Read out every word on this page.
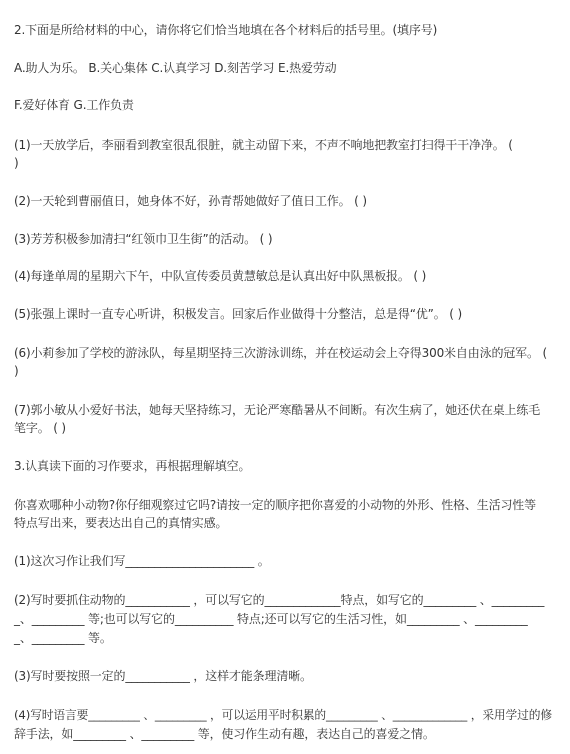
2.下面是所给材料的中心，请你将它们恰当地填在各个材料后的括号里。(填序号)
A.助人为乐。 B.关心集体 C.认真学习 D.刻苦学习 E.热爱劳动
F.爱好体育 G.工作负责
(1)一天放学后，李丽看到教室很乱很脏，就主动留下来，不声不响地把教室打扫得干干净净。 (
)
(2)一天轮到曹丽值日，她身体不好，孙青帮她做好了值日工作。 ( )
(3)芳芳积极参加清扫“红领巾卫生街”的活动。 ( )
(4)每逢单周的星期六下午，中队宣传委员黄慧敏总是认真出好中队黑板报。 ( )
(5)张强上课时一直专心听讲，积极发言。回家后作业做得十分整洁，总是得“优”。 ( )
(6)小莉参加了学校的游泳队，每星期坚持三次游泳训练，并在校运动会上夺得300米自由泳的冠军。 (
)
(7)郭小敏从小爱好书法，她每天坚持练习，无论严寒酷暑从不间断。有次生病了，她还伏在桌上练毛
笔字。 ( )
3.认真读下面的习作要求，再根据理解填空。
你喜欢哪种小动物?你仔细观察过它吗?请按一定的顺序把你喜爱的小动物的外形、性格、生活习性等
特点写出来，要表达出自己的真情实感。
(1)这次习作让我们写______________________ 。
(2)写时要抓住动物的___________ ，可以写它的_____________特点，如写它的_________ 、_________
_、_________ 等;也可以写它的__________ 特点;还可以写它的生活习性，如_________ 、_________
_、_________ 等。
(3)写时要按照一定的___________ ，这样才能条理清晰。
(4)写时语言要_________ 、_________ ，可以运用平时积累的_________ 、_____________ ，采用学过的修
辞手法，如_________ 、_________ 等，使习作生动有趣，表达自己的喜爱之情。
